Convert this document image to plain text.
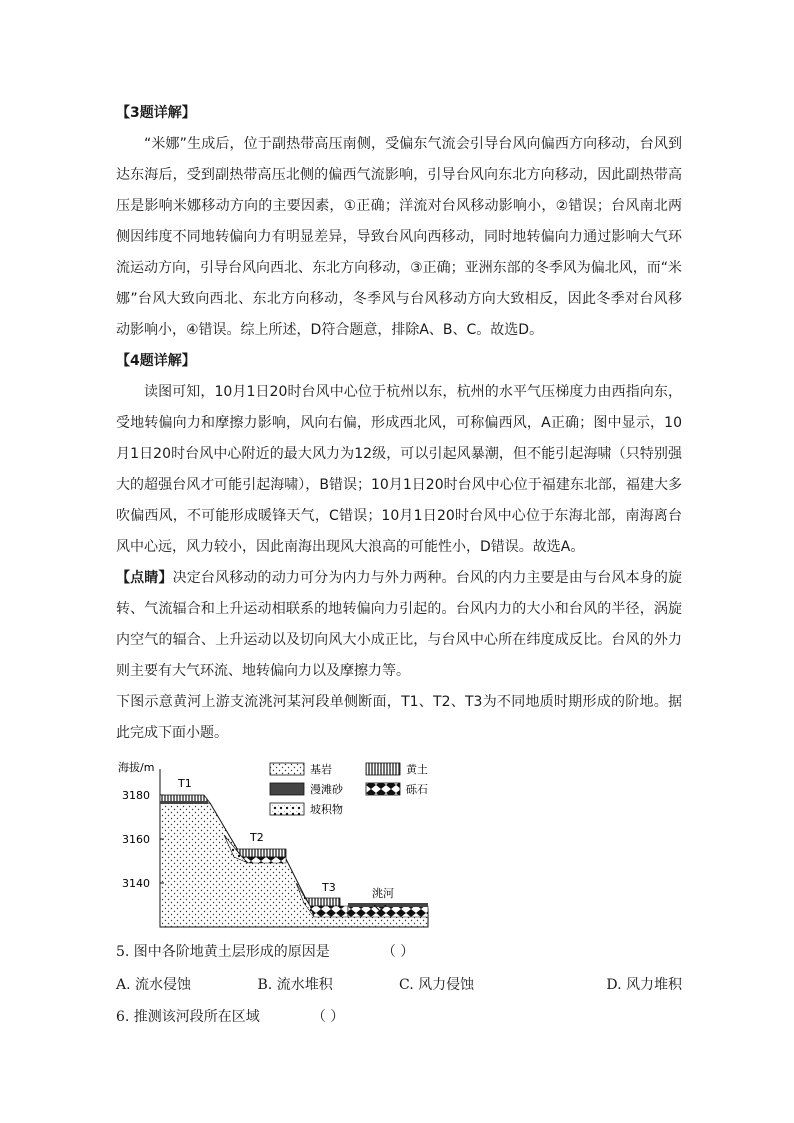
【3题详解】

“米娜”生成后，位于副热带高压南侧，受偏东气流会引导台风向偏西方向移动，台风到达东海后，受到副热带高压北侧的偏西气流影响，引导台风向东北方向移动，因此副热带高压是影响米娜移动方向的主要因素，①正确；洋流对台风移动影响小，②错误；台风南北两侧因纬度不同地转偏向力有明显差异，导致台风向西移动，同时地转偏向力通过影响大气环流运动方向，引导台风向西北、东北方向移动，③正确；亚洲东部的冬季风为偏北风，而“米娜”台风大致向西北、东北方向移动，冬季风与台风移动方向大致相反，因此冬季对台风移动影响小，④错误。综上所述，D符合题意，排除A、B、C。故选D。

【4题详解】

读图可知，10月1日20时台风中心位于杭州以东，杭州的水平气压梯度力由西指向东，受地转偏向力和摩擦力影响，风向右偏，形成西北风，可称偏西风，A正确；图中显示，10月1日20时台风中心附近的最大风力为12级，可以引起风暴潮，但不能引起海啸（只特别强大的超强台风才可能引起海啸），B错误；10月1日20时台风中心位于福建东北部，福建大多吹偏西风，不可能形成暖锋天气，C错误；10月1日20时台风中心位于东海北部，南海离台风中心远，风力较小，因此南海出现风大浪高的可能性小，D错误。故选A。

【点睛】决定台风移动的动力可分为内力与外力两种。台风的内力主要是由与台风本身的旋转、气流辐合和上升运动相联系的地转偏向力引起的。台风内力的大小和台风的半径，涡旋内空气的辐合、上升运动以及切向风大小成正比，与台风中心所在纬度成反比。台风的外力则主要有大气环流、地转偏向力以及摩擦力等。

下图示意黄河上游支流洮河某河段单侧断面，T1、T2、T3为不同地质时期形成的阶地。据此完成下面小题。

海拔/m
3180
3160
3140
T1
T2
T3	洮河
基岩	黄土
漫滩砂	砾石
坡积物

5. 图中各阶地黄土层形成的原因是	（ ）

A. 流水侵蚀	B. 流水堆积	C. 风力侵蚀	D. 风力堆积

6. 推测该河段所在区域	（ ）
